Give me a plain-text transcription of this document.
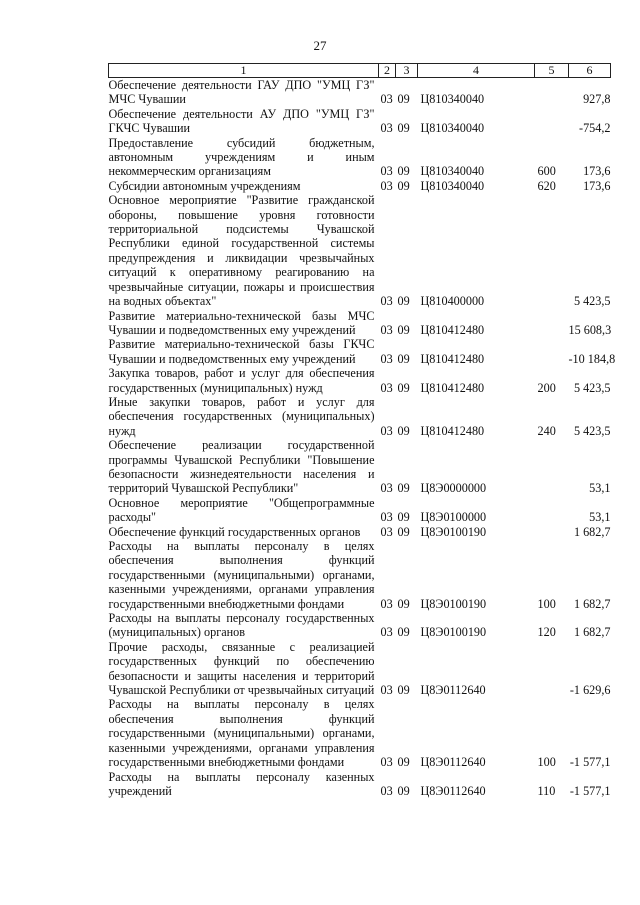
27
1	2	3	4	5	6
Обеспечение деятельности ГАУ ДПО "УМЦ ГЗ" МЧС Чувашии	03	09	Ц810340040		927,8
Обеспечение деятельности АУ ДПО "УМЦ ГЗ" ГКЧС Чувашии	03	09	Ц810340040		-754,2
Предоставление субсидий бюджетным, автономным учреждениям и иным некоммерческим организациям	03	09	Ц810340040	600	173,6
Субсидии автономным учреждениям	03	09	Ц810340040	620	173,6
Основное мероприятие "Развитие гражданской обороны, повышение уровня готовности территориальной подсистемы Чувашской Республики единой государственной системы предупреждения и ликвидации чрезвычайных ситуаций к оперативному реагированию на чрезвычайные ситуации, пожары и происшествия на водных объектах"	03	09	Ц810400000		5 423,5
Развитие материально-технической базы МЧС Чувашии и подведомственных ему учреждений	03	09	Ц810412480		15 608,3
Развитие материально-технической базы ГКЧС Чувашии и подведомственных ему учреждений	03	09	Ц810412480		-10 184,8
Закупка товаров, работ и услуг для обеспечения государственных (муниципальных) нужд	03	09	Ц810412480	200	5 423,5
Иные закупки товаров, работ и услуг для обеспечения государственных (муниципальных) нужд	03	09	Ц810412480	240	5 423,5
Обеспечение реализации государственной программы Чувашской Республики "Повышение безопасности жизнедеятельности населения и территорий Чувашской Республики"	03	09	Ц8Э0000000		53,1
Основное мероприятие "Общепрограммные расходы"	03	09	Ц8Э0100000		53,1
Обеспечение функций государственных органов	03	09	Ц8Э0100190		1 682,7
Расходы на выплаты персоналу в целях обеспечения выполнения функций государственными (муниципальными) органами, казенными учреждениями, органами управления государственными внебюджетными фондами	03	09	Ц8Э0100190	100	1 682,7
Расходы на выплаты персоналу государственных (муниципальных) органов	03	09	Ц8Э0100190	120	1 682,7
Прочие расходы, связанные с реализацией государственных функций по обеспечению безопасности и защиты населения и территорий Чувашской Республики от чрезвычайных ситуаций	03	09	Ц8Э0112640		-1 629,6
Расходы на выплаты персоналу в целях обеспечения выполнения функций государственными (муниципальными) органами, казенными учреждениями, органами управления государственными внебюджетными фондами	03	09	Ц8Э0112640	100	-1 577,1
Расходы на выплаты персоналу казенных учреждений	03	09	Ц8Э0112640	110	-1 577,1
